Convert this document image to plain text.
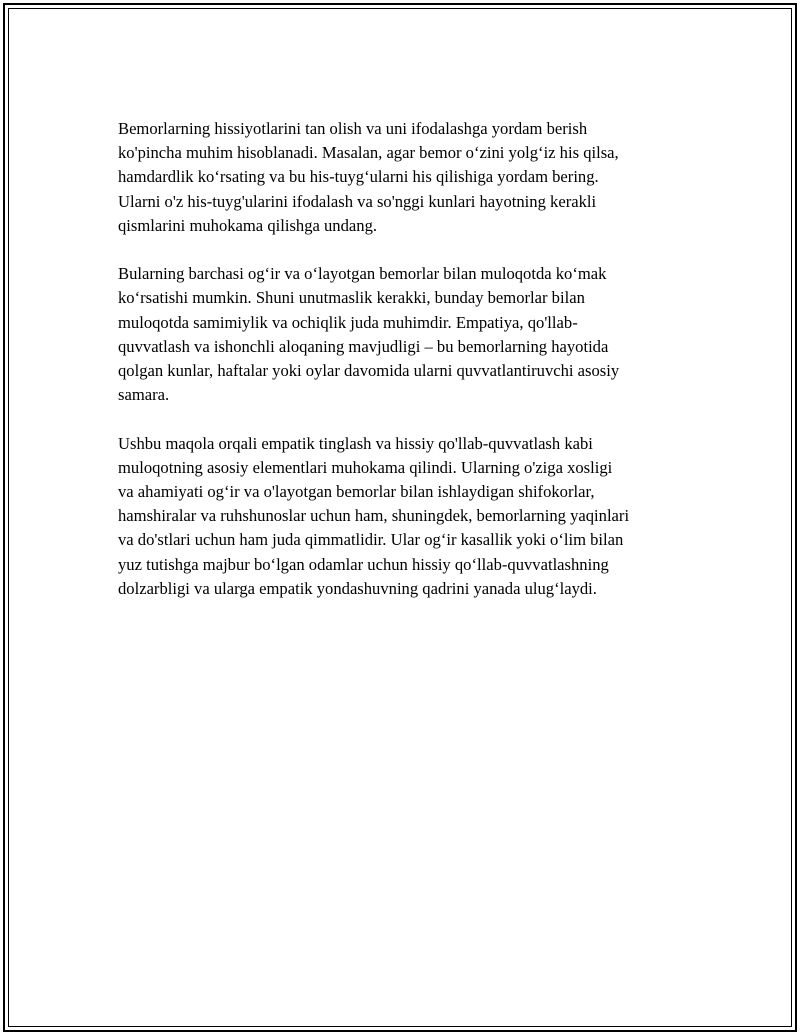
Bemorlarning hissiyotlarini tan olish va uni ifodalashga yordam berish
ko'pincha muhim hisoblanadi. Masalan, agar bemor o‘zini yolg‘iz his qilsa,
hamdardlik ko‘rsating va bu his-tuyg‘ularni his qilishiga yordam bering.
Ularni o'z his-tuyg'ularini ifodalash va so'nggi kunlari hayotning kerakli
qismlarini muhokama qilishga undang.

Bularning barchasi og‘ir va o‘layotgan bemorlar bilan muloqotda ko‘mak
ko‘rsatishi mumkin. Shuni unutmaslik kerakki, bunday bemorlar bilan
muloqotda samimiylik va ochiqlik juda muhimdir. Empatiya, qo'llab-
quvvatlash va ishonchli aloqaning mavjudligi – bu bemorlarning hayotida
qolgan kunlar, haftalar yoki oylar davomida ularni quvvatlantiruvchi asosiy
samara.

Ushbu maqola orqali empatik tinglash va hissiy qo'llab-quvvatlash kabi
muloqotning asosiy elementlari muhokama qilindi. Ularning o'ziga xosligi
va ahamiyati og‘ir va o'layotgan bemorlar bilan ishlaydigan shifokorlar,
hamshiralar va ruhshunoslar uchun ham, shuningdek, bemorlarning yaqinlari
va do'stlari uchun ham juda qimmatlidir. Ular og‘ir kasallik yoki o‘lim bilan
yuz tutishga majbur bo‘lgan odamlar uchun hissiy qo‘llab-quvvatlashning
dolzarbligi va ularga empatik yondashuvning qadrini yanada ulug‘laydi.
